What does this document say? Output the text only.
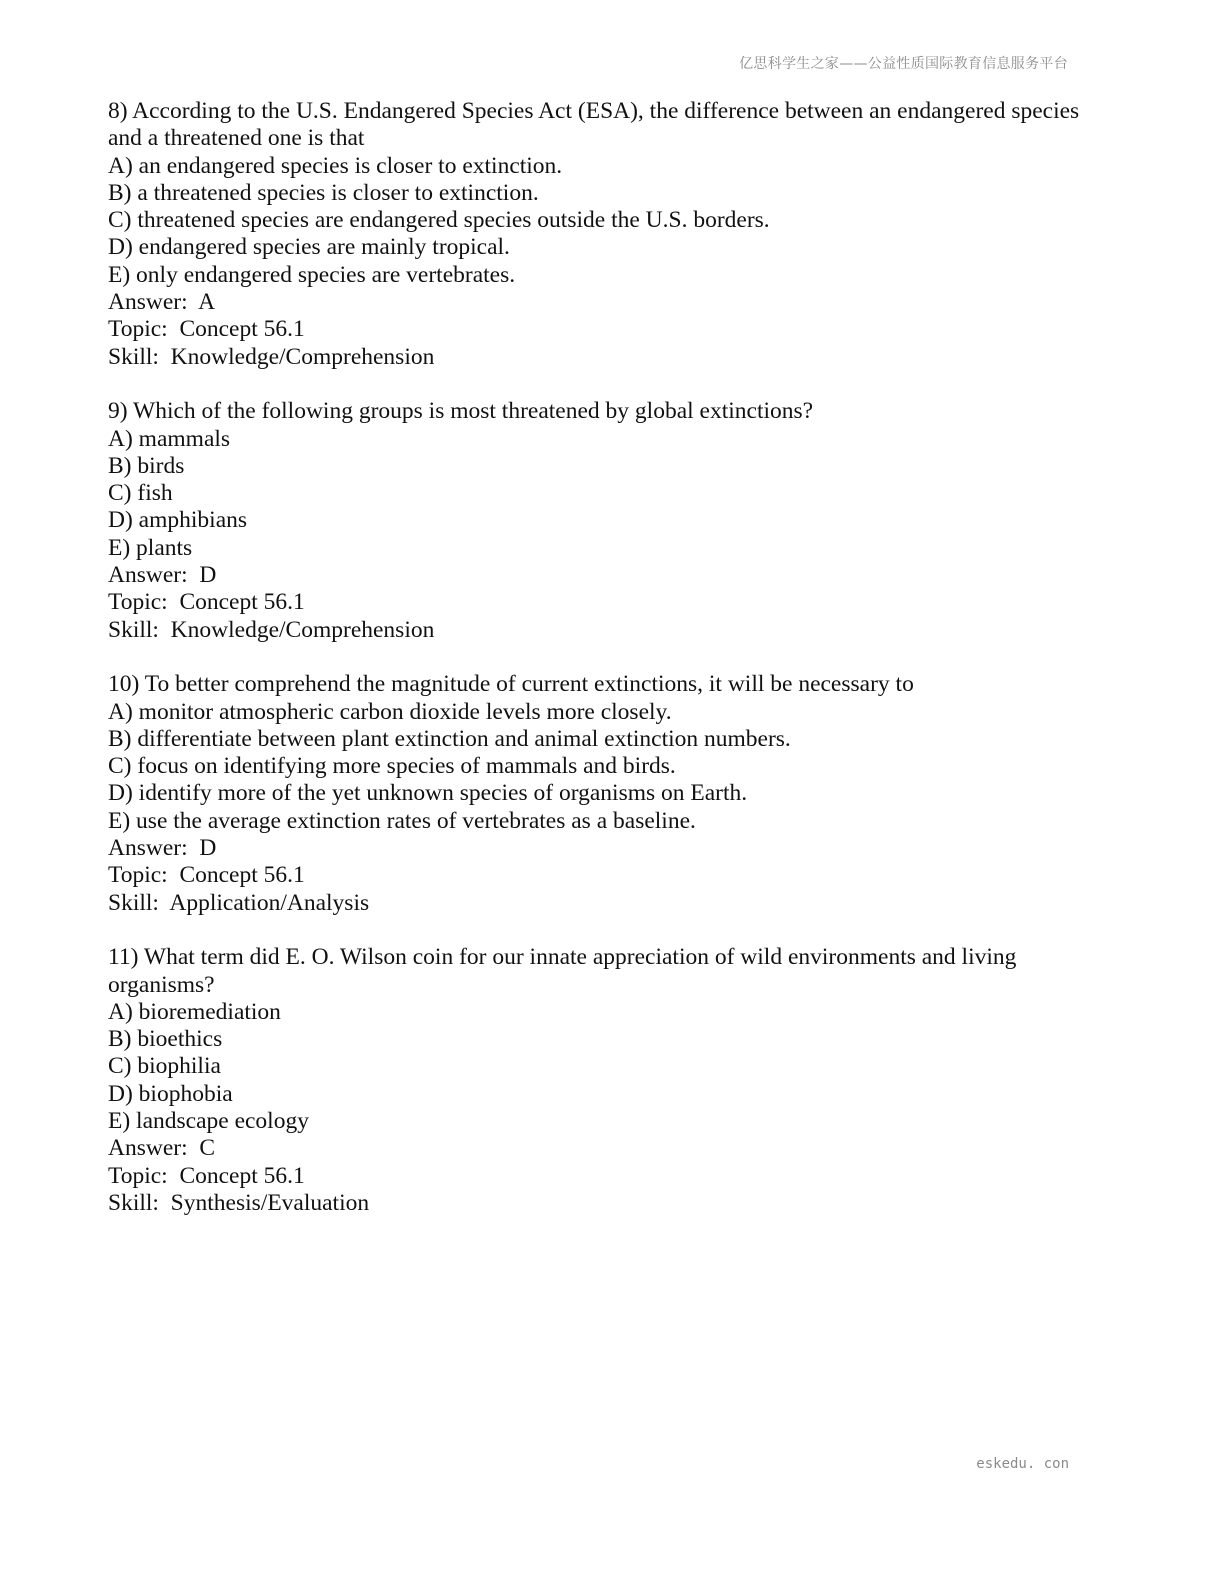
亿思科学生之家——公益性质国际教育信息服务平台
8) According to the U.S. Endangered Species Act (ESA), the difference between an endangered species and a threatened one is that
A) an endangered species is closer to extinction.
B) a threatened species is closer to extinction.
C) threatened species are endangered species outside the U.S. borders.
D) endangered species are mainly tropical.
E) only endangered species are vertebrates.
Answer:  A
Topic:  Concept 56.1
Skill:  Knowledge/Comprehension
9) Which of the following groups is most threatened by global extinctions?
A) mammals
B) birds
C) fish
D) amphibians
E) plants
Answer:  D
Topic:  Concept 56.1
Skill:  Knowledge/Comprehension
10) To better comprehend the magnitude of current extinctions, it will be necessary to
A) monitor atmospheric carbon dioxide levels more closely.
B) differentiate between plant extinction and animal extinction numbers.
C) focus on identifying more species of mammals and birds.
D) identify more of the yet unknown species of organisms on Earth.
E) use the average extinction rates of vertebrates as a baseline.
Answer:  D
Topic:  Concept 56.1
Skill:  Application/Analysis
11) What term did E. O. Wilson coin for our innate appreciation of wild environments and living organisms?
A) bioremediation
B) bioethics
C) biophilia
D) biophobia
E) landscape ecology
Answer:  C
Topic:  Concept 56.1
Skill:  Synthesis/Evaluation
eskedu. con
